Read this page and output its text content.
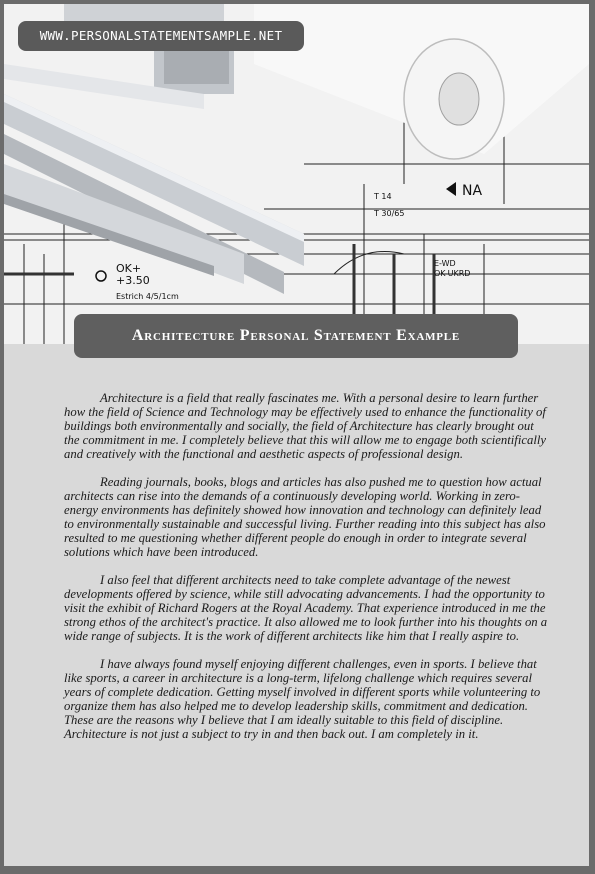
NA
OK+
+3.50
Estrich 4/5/1cm
T 14
T 30/65
E-WD
OK-UKRD
WWW.PERSONALSTATEMENTSAMPLE.NET
Architecture Personal Statement Example

Architecture is a field that really fascinates me. With a personal desire to learn further how the field of Science and Technology may be effectively used to enhance the functionality of buildings both environmentally and socially, the field of Architecture has clearly brought out the commitment in me. I completely believe that this will allow me to engage both scientifically and creatively with the functional and aesthetic aspects of professional design.

Reading journals, books, blogs and articles has also pushed me to question how actual architects can rise into the demands of a continuously developing world. Working in zero-energy environments has definitely showed how innovation and technology can definitely lead to environmentally sustainable and successful living. Further reading into this subject has also resulted to me questioning whether different people do enough in order to integrate several solutions which have been introduced.

I also feel that different architects need to take complete advantage of the newest developments offered by science, while still advocating advancements. I had the opportunity to visit the exhibit of Richard Rogers at the Royal Academy. That experience introduced in me the strong ethos of the architect's practice. It also allowed me to look further into his thoughts on a wide range of subjects. It is the work of different architects like him that I really aspire to.

I have always found myself enjoying different challenges, even in sports. I believe that like sports, a career in architecture is a long-term, lifelong challenge which requires several years of complete dedication. Getting myself involved in different sports while volunteering to organize them has also helped me to develop leadership skills, commitment and dedication. These are the reasons why I believe that I am ideally suitable to this field of discipline. Architecture is not just a subject to try in and then back out. I am completely in it.
